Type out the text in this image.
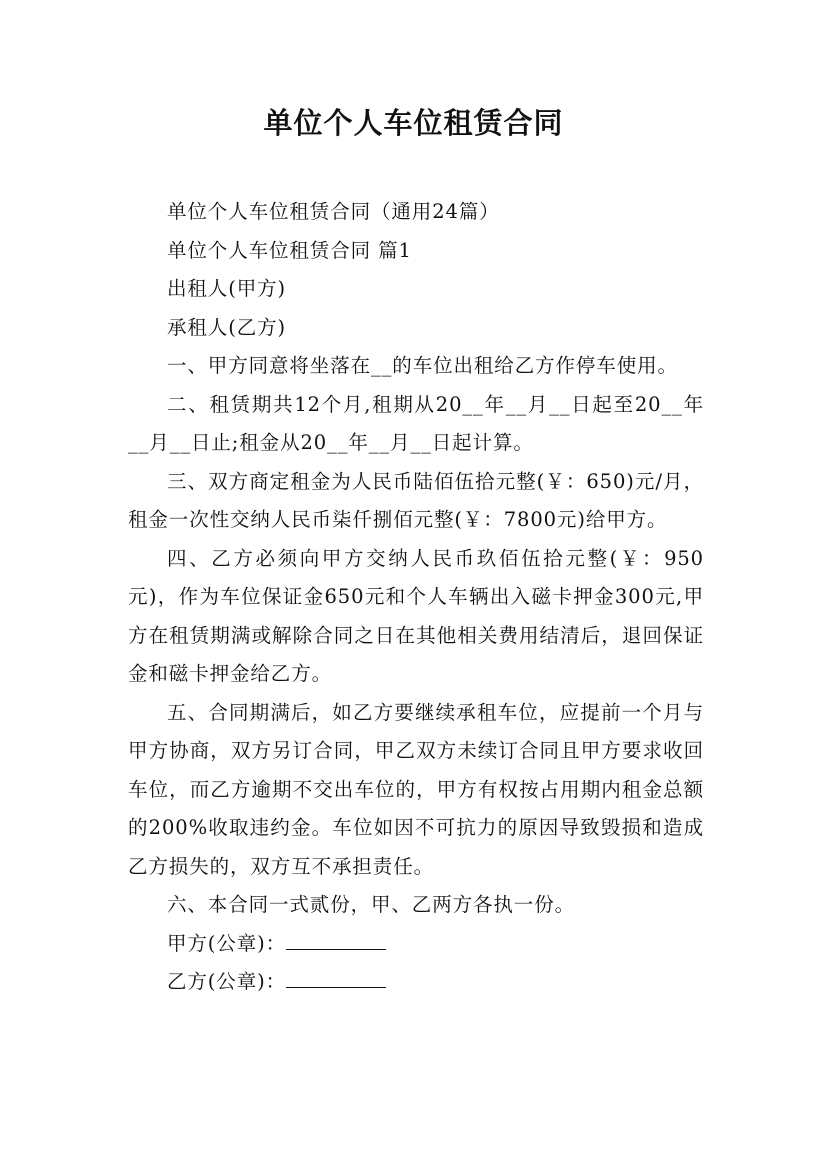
单位个人车位租赁合同

单位个人车位租赁合同（通用24篇）

单位个人车位租赁合同 篇1

出租人(甲方)

承租人(乙方)

一、甲方同意将坐落在__的车位出租给乙方作停车使用。

二、租赁期共12个月,租期从20__年__月__日起至20__年__月__日止;租金从20__年__月__日起计算。

三、双方商定租金为人民币陆佰伍拾元整(￥：650)元/月，租金一次性交纳人民币柒仟捌佰元整(￥：7800元)给甲方。

四、乙方必须向甲方交纳人民币玖佰伍拾元整(￥：950元)，作为车位保证金650元和个人车辆出入磁卡押金300元,甲方在租赁期满或解除合同之日在其他相关费用结清后，退回保证金和磁卡押金给乙方。

五、合同期满后，如乙方要继续承租车位，应提前一个月与甲方协商，双方另订合同，甲乙双方未续订合同且甲方要求收回车位，而乙方逾期不交出车位的，甲方有权按占用期内租金总额的200%收取违约金。车位如因不可抗力的原因导致毁损和造成乙方损失的，双方互不承担责任。

六、本合同一式贰份，甲、乙两方各执一份。

甲方(公章)：

乙方(公章)：
